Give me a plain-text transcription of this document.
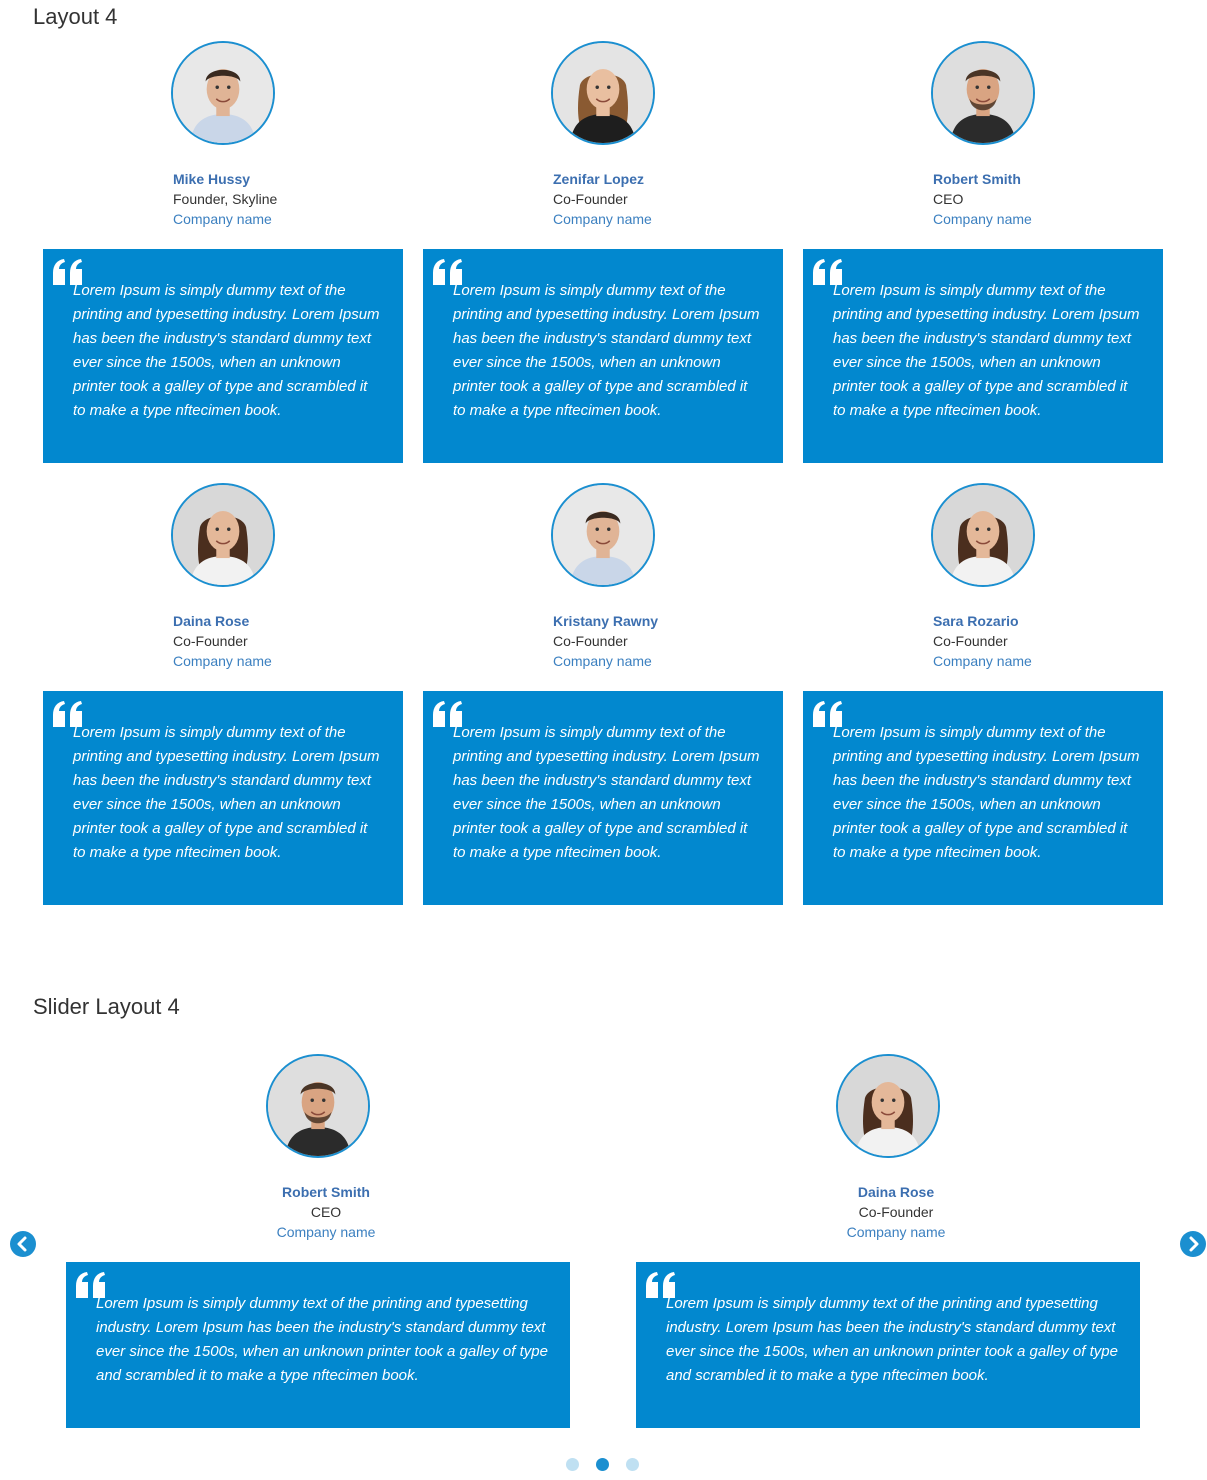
Layout 4
Mike Hussy
Founder, Skyline
Company name
Lorem Ipsum is simply dummy text of the printing and typesetting industry. Lorem Ipsum has been the industry's standard dummy text ever since the 1500s, when an unknown printer took a galley of type and scrambled it to make a type nftecimen book.
Zenifar Lopez
Co-Founder
Company name
Lorem Ipsum is simply dummy text of the printing and typesetting industry. Lorem Ipsum has been the industry's standard dummy text ever since the 1500s, when an unknown printer took a galley of type and scrambled it to make a type nftecimen book.
Robert Smith
CEO
Company name
Lorem Ipsum is simply dummy text of the printing and typesetting industry. Lorem Ipsum has been the industry's standard dummy text ever since the 1500s, when an unknown printer took a galley of type and scrambled it to make a type nftecimen book.
Daina Rose
Co-Founder
Company name
Lorem Ipsum is simply dummy text of the printing and typesetting industry. Lorem Ipsum has been the industry's standard dummy text ever since the 1500s, when an unknown printer took a galley of type and scrambled it to make a type nftecimen book.
Kristany Rawny
Co-Founder
Company name
Lorem Ipsum is simply dummy text of the printing and typesetting industry. Lorem Ipsum has been the industry's standard dummy text ever since the 1500s, when an unknown printer took a galley of type and scrambled it to make a type nftecimen book.
Sara Rozario
Co-Founder
Company name
Lorem Ipsum is simply dummy text of the printing and typesetting industry. Lorem Ipsum has been the industry's standard dummy text ever since the 1500s, when an unknown printer took a galley of type and scrambled it to make a type nftecimen book.
Slider Layout 4
Robert Smith
CEO
Company name
Lorem Ipsum is simply dummy text of the printing and typesetting industry. Lorem Ipsum has been the industry's standard dummy text ever since the 1500s, when an unknown printer took a galley of type and scrambled it to make a type nftecimen book.
Daina Rose
Co-Founder
Company name
Lorem Ipsum is simply dummy text of the printing and typesetting industry. Lorem Ipsum has been the industry's standard dummy text ever since the 1500s, when an unknown printer took a galley of type and scrambled it to make a type nftecimen book.
